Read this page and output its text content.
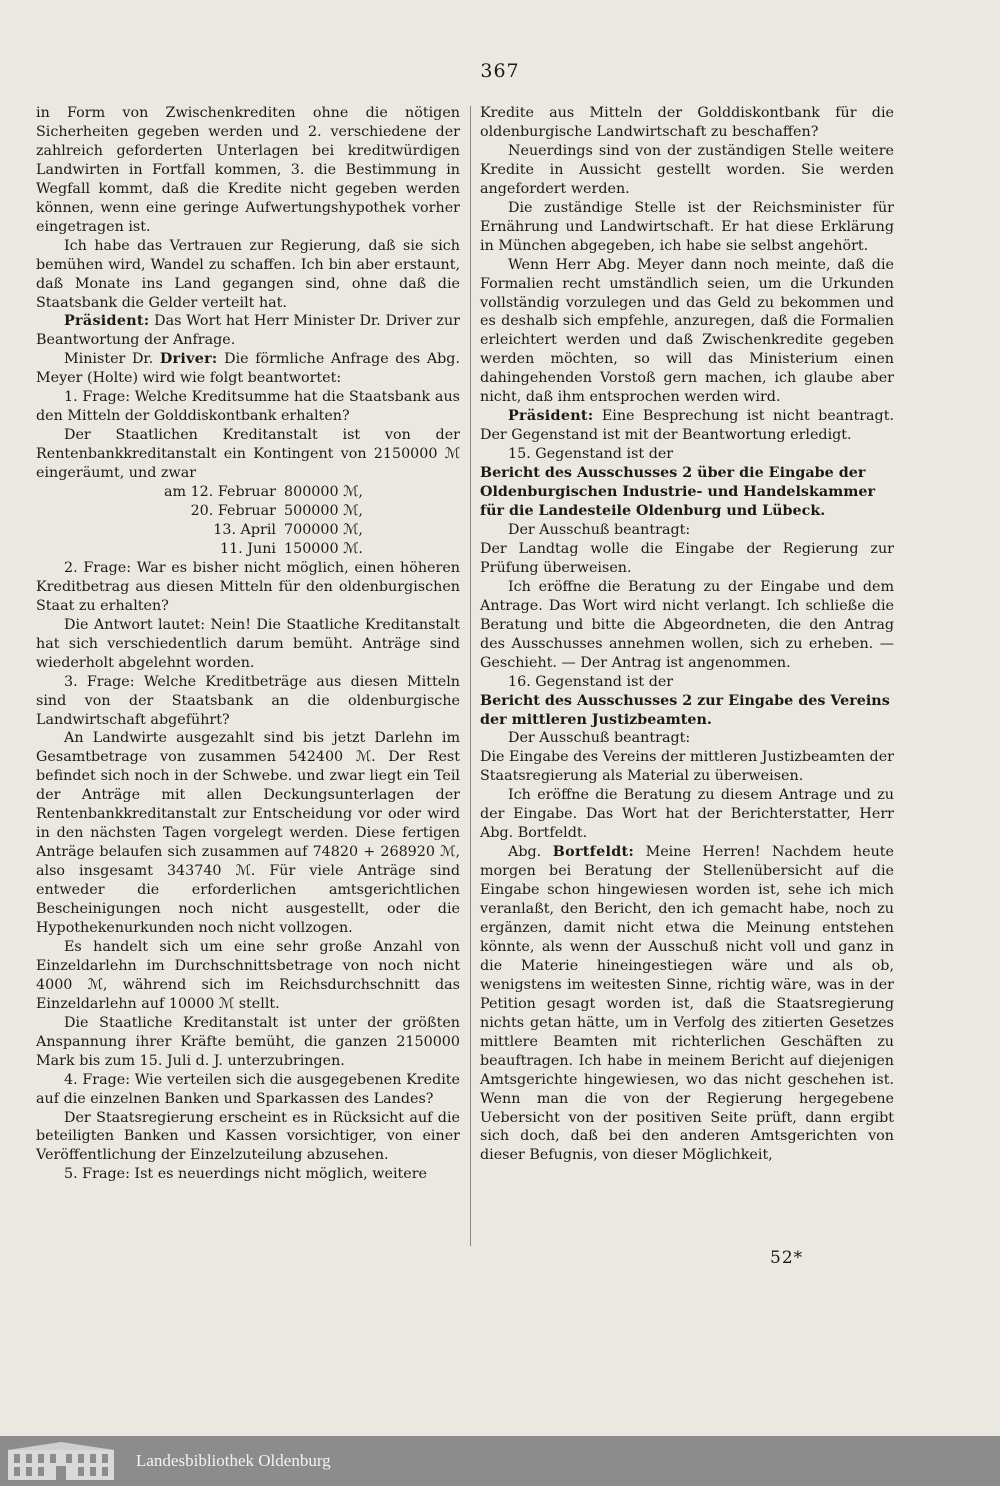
367

in Form von Zwischenkrediten ohne die nötigen Sicherheiten gegeben werden und 2. verschiedene der zahlreich geforderten Unterlagen bei kreditwürdigen Landwirten in Fortfall kommen, 3. die Bestimmung in Wegfall kommt, daß die Kredite nicht gegeben werden können, wenn eine geringe Aufwertungshypothek vorher eingetragen ist.

Ich habe das Vertrauen zur Regierung, daß sie sich bemühen wird, Wandel zu schaffen. Ich bin aber erstaunt, daß Monate ins Land gegangen sind, ohne daß die Staatsbank die Gelder verteilt hat.

Präsident: Das Wort hat Herr Minister Dr. Driver zur Beantwortung der Anfrage.

Minister Dr. Driver: Die förmliche Anfrage des Abg. Meyer (Holte) wird wie folgt beantwortet:

1. Frage: Welche Kreditsumme hat die Staatsbank aus den Mitteln der Golddiskontbank erhalten?

Der Staatlichen Kreditanstalt ist von der Rentenbankkreditanstalt ein Kontingent von 2150000 ℳ eingeräumt, und zwar

am 12. Februar 800000 ℳ,
20. Februar 500000 ℳ,
13. April 700000 ℳ,
11. Juni 150000 ℳ.

2. Frage: War es bisher nicht möglich, einen höheren Kreditbetrag aus diesen Mitteln für den oldenburgischen Staat zu erhalten?

Die Antwort lautet: Nein! Die Staatliche Kreditanstalt hat sich verschiedentlich darum bemüht. Anträge sind wiederholt abgelehnt worden.

3. Frage: Welche Kreditbeträge aus diesen Mitteln sind von der Staatsbank an die oldenburgische Landwirtschaft abgeführt?

An Landwirte ausgezahlt sind bis jetzt Darlehn im Gesamtbetrage von zusammen 542400 ℳ. Der Rest befindet sich noch in der Schwebe. und zwar liegt ein Teil der Anträge mit allen Deckungsunterlagen der Rentenbankkreditanstalt zur Entscheidung vor oder wird in den nächsten Tagen vorgelegt werden. Diese fertigen Anträge belaufen sich zusammen auf 74820 + 268920 ℳ, also insgesamt 343740 ℳ. Für viele Anträge sind entweder die erforderlichen amtsgerichtlichen Bescheinigungen noch nicht ausgestellt, oder die Hypothekenurkunden noch nicht vollzogen.

Es handelt sich um eine sehr große Anzahl von Einzeldarlehn im Durchschnittsbetrage von noch nicht 4000 ℳ, während sich im Reichsdurchschnitt das Einzeldarlehn auf 10000 ℳ stellt.

Die Staatliche Kreditanstalt ist unter der größten Anspannung ihrer Kräfte bemüht, die ganzen 2150000 Mark bis zum 15. Juli d. J. unterzubringen.

4. Frage: Wie verteilen sich die ausgegebenen Kredite auf die einzelnen Banken und Sparkassen des Landes?

Der Staatsregierung erscheint es in Rücksicht auf die beteiligten Banken und Kassen vorsichtiger, von einer Veröffentlichung der Einzelzuteilung abzusehen.

5. Frage: Ist es neuerdings nicht möglich, weitere

Kredite aus Mitteln der Golddiskontbank für die oldenburgische Landwirtschaft zu beschaffen?

Neuerdings sind von der zuständigen Stelle weitere Kredite in Aussicht gestellt worden. Sie werden angefordert werden.

Die zuständige Stelle ist der Reichsminister für Ernährung und Landwirtschaft. Er hat diese Erklärung in München abgegeben, ich habe sie selbst angehört.

Wenn Herr Abg. Meyer dann noch meinte, daß die Formalien recht umständlich seien, um die Urkunden vollständig vorzulegen und das Geld zu bekommen und es deshalb sich empfehle, anzuregen, daß die Formalien erleichtert werden und daß Zwischenkredite gegeben werden möchten, so will das Ministerium einen dahingehenden Vorstoß gern machen, ich glaube aber nicht, daß ihm entsprochen werden wird.

Präsident: Eine Besprechung ist nicht beantragt. Der Gegenstand ist mit der Beantwortung erledigt.

15. Gegenstand ist der

Bericht des Ausschusses 2 über die Eingabe der Oldenburgischen Industrie- und Handelskammer für die Landesteile Oldenburg und Lübeck.

Der Ausschuß beantragt:

Der Landtag wolle die Eingabe der Regierung zur Prüfung überweisen.

Ich eröffne die Beratung zu der Eingabe und dem Antrage. Das Wort wird nicht verlangt. Ich schließe die Beratung und bitte die Abgeordneten, die den Antrag des Ausschusses annehmen wollen, sich zu erheben. — Geschieht. — Der Antrag ist angenommen.

16. Gegenstand ist der

Bericht des Ausschusses 2 zur Eingabe des Vereins der mittleren Justizbeamten.

Der Ausschuß beantragt:

Die Eingabe des Vereins der mittleren Justizbeamten der Staatsregierung als Material zu überweisen.

Ich eröffne die Beratung zu diesem Antrage und zu der Eingabe. Das Wort hat der Berichterstatter, Herr Abg. Bortfeldt.

Abg. Bortfeldt: Meine Herren! Nachdem heute morgen bei Beratung der Stellenübersicht auf die Eingabe schon hingewiesen worden ist, sehe ich mich veranlaßt, den Bericht, den ich gemacht habe, noch zu ergänzen, damit nicht etwa die Meinung entstehen könnte, als wenn der Ausschuß nicht voll und ganz in die Materie hineingestiegen wäre und als ob, wenigstens im weitesten Sinne, richtig wäre, was in der Petition gesagt worden ist, daß die Staatsregierung nichts getan hätte, um in Verfolg des zitierten Gesetzes mittlere Beamten mit richterlichen Geschäften zu beauftragen. Ich habe in meinem Bericht auf diejenigen Amtsgerichte hingewiesen, wo das nicht geschehen ist. Wenn man die von der Regierung hergegebene Uebersicht von der positiven Seite prüft, dann ergibt sich doch, daß bei den anderen Amtsgerichten von dieser Befugnis, von dieser Möglichkeit,

52*
Landesbibliothek Oldenburg
